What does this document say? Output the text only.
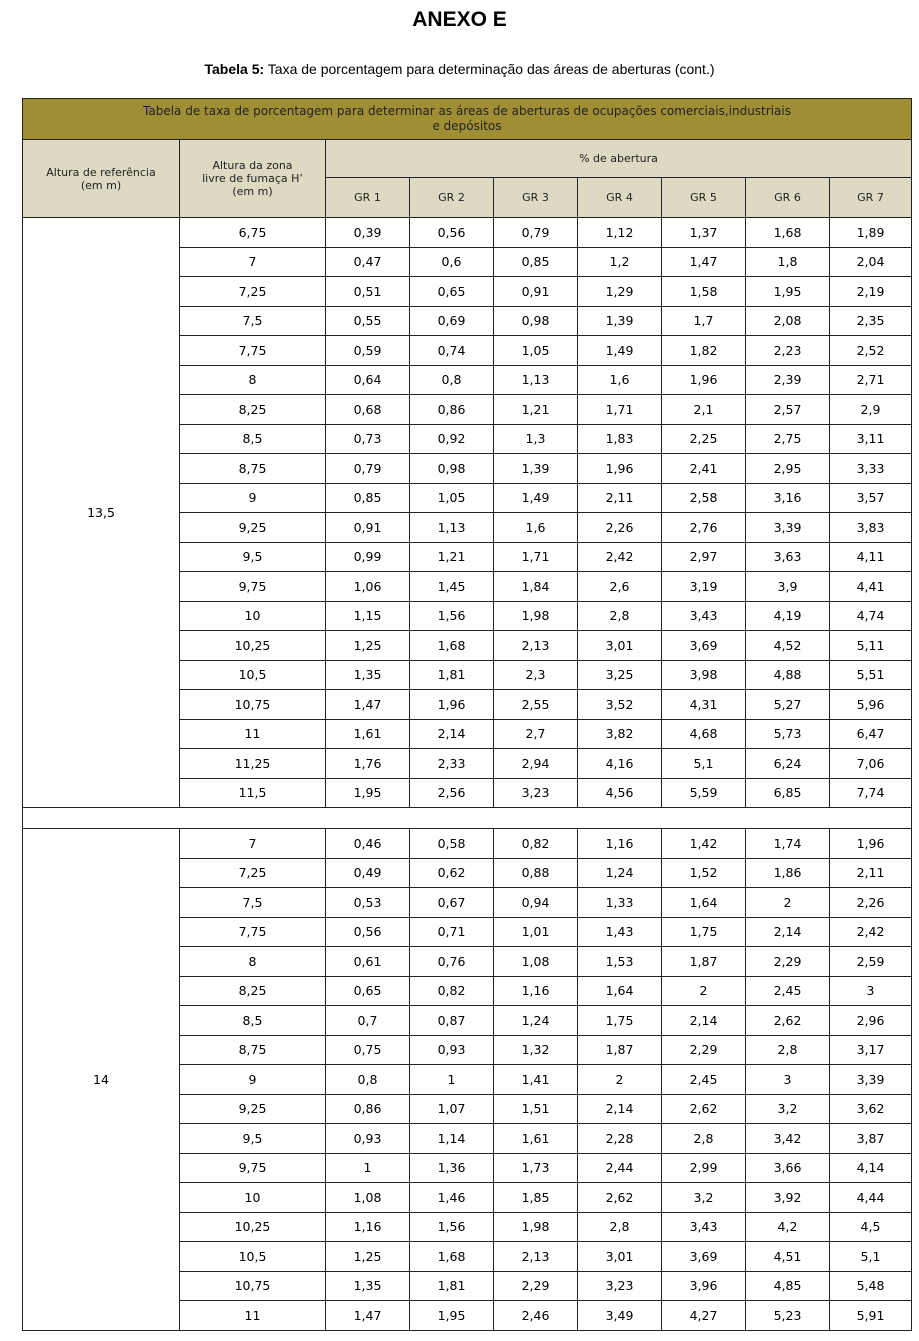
ANEXO E
Tabela 5: Taxa de porcentagem para determinação das áreas de aberturas (cont.)
Tabela de taxa de porcentagem para determinar as áreas de aberturas de ocupações comerciais,industriais
e depósitos								
Altura de referência (em m)	Altura da zona livre de fumaça H’ (em m)	% de abertura						
		GR 1	GR 2	GR 3	GR 4	GR 5	GR 6	GR 7
13,5	6,75	0,39	0,56	0,79	1,12	1,37	1,68	1,89
	7	0,47	0,6	0,85	1,2	1,47	1,8	2,04
	7,25	0,51	0,65	0,91	1,29	1,58	1,95	2,19
	7,5	0,55	0,69	0,98	1,39	1,7	2,08	2,35
	7,75	0,59	0,74	1,05	1,49	1,82	2,23	2,52
	8	0,64	0,8	1,13	1,6	1,96	2,39	2,71
	8,25	0,68	0,86	1,21	1,71	2,1	2,57	2,9
	8,5	0,73	0,92	1,3	1,83	2,25	2,75	3,11
	8,75	0,79	0,98	1,39	1,96	2,41	2,95	3,33
	9	0,85	1,05	1,49	2,11	2,58	3,16	3,57
	9,25	0,91	1,13	1,6	2,26	2,76	3,39	3,83
	9,5	0,99	1,21	1,71	2,42	2,97	3,63	4,11
	9,75	1,06	1,45	1,84	2,6	3,19	3,9	4,41
	10	1,15	1,56	1,98	2,8	3,43	4,19	4,74
	10,25	1,25	1,68	2,13	3,01	3,69	4,52	5,11
	10,5	1,35	1,81	2,3	3,25	3,98	4,88	5,51
	10,75	1,47	1,96	2,55	3,52	4,31	5,27	5,96
	11	1,61	2,14	2,7	3,82	4,68	5,73	6,47
	11,25	1,76	2,33	2,94	4,16	5,1	6,24	7,06
	11,5	1,95	2,56	3,23	4,56	5,59	6,85	7,74

14	7	0,46	0,58	0,82	1,16	1,42	1,74	1,96
	7,25	0,49	0,62	0,88	1,24	1,52	1,86	2,11
	7,5	0,53	0,67	0,94	1,33	1,64	2	2,26
	7,75	0,56	0,71	1,01	1,43	1,75	2,14	2,42
	8	0,61	0,76	1,08	1,53	1,87	2,29	2,59
	8,25	0,65	0,82	1,16	1,64	2	2,45	3
	8,5	0,7	0,87	1,24	1,75	2,14	2,62	2,96
	8,75	0,75	0,93	1,32	1,87	2,29	2,8	3,17
	9	0,8	1	1,41	2	2,45	3	3,39
	9,25	0,86	1,07	1,51	2,14	2,62	3,2	3,62
	9,5	0,93	1,14	1,61	2,28	2,8	3,42	3,87
	9,75	1	1,36	1,73	2,44	2,99	3,66	4,14
	10	1,08	1,46	1,85	2,62	3,2	3,92	4,44
	10,25	1,16	1,56	1,98	2,8	3,43	4,2	4,5
	10,5	1,25	1,68	2,13	3,01	3,69	4,51	5,1
	10,75	1,35	1,81	2,29	3,23	3,96	4,85	5,48
	11	1,47	1,95	2,46	3,49	4,27	5,23	5,91
